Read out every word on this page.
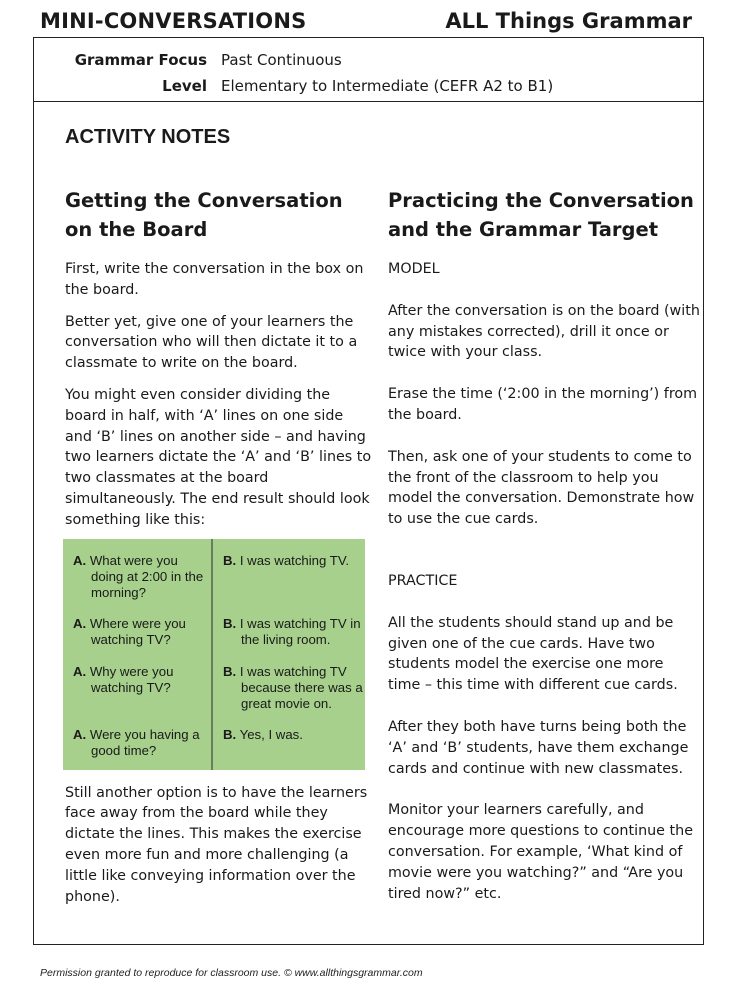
MINI-CONVERSATIONS	ALL Things Grammar
Grammar Focus Past Continuous
Level Elementary to Intermediate (CEFR A2 to B1)
ACTIVITY NOTES
Getting the Conversation on the Board

First, write the conversation in the box on the board.

Better yet, give one of your learners the conversation who will then dictate it to a classmate to write on the board.

You might even consider dividing the board in half, with ‘A’ lines on one side and ‘B’ lines on another side – and having two learners dictate the ‘A’ and ‘B’ lines to two classmates at the board simultaneously. The end result should look something like this:

A. What were you doing at 2:00 in the morning?
B. I was watching TV.
A. Where were you watching TV?
B. I was watching TV in the living room.
A. Why were you watching TV?
B. I was watching TV because there was a great movie on.
A. Were you having a good time?
B. Yes, I was.

Still another option is to have the learners face away from the board while they dictate the lines. This makes the exercise even more fun and more challenging (a little like conveying information over the phone).

Practicing the Conversation and the Grammar Target

MODEL

After the conversation is on the board (with any mistakes corrected), drill it once or twice with your class.

Erase the time (‘2:00 in the morning’) from the board.

Then, ask one of your students to come to the front of the classroom to help you model the conversation. Demonstrate how to use the cue cards.

PRACTICE

All the students should stand up and be given one of the cue cards. Have two students model the exercise one more time – this time with different cue cards.

After they both have turns being both the ‘A’ and ‘B’ students, have them exchange cards and continue with new classmates.

Monitor your learners carefully, and encourage more questions to continue the conversation. For example, ‘What kind of movie were you watching?” and “Are you tired now?” etc.

Permission granted to reproduce for classroom use. © www.allthingsgrammar.com
